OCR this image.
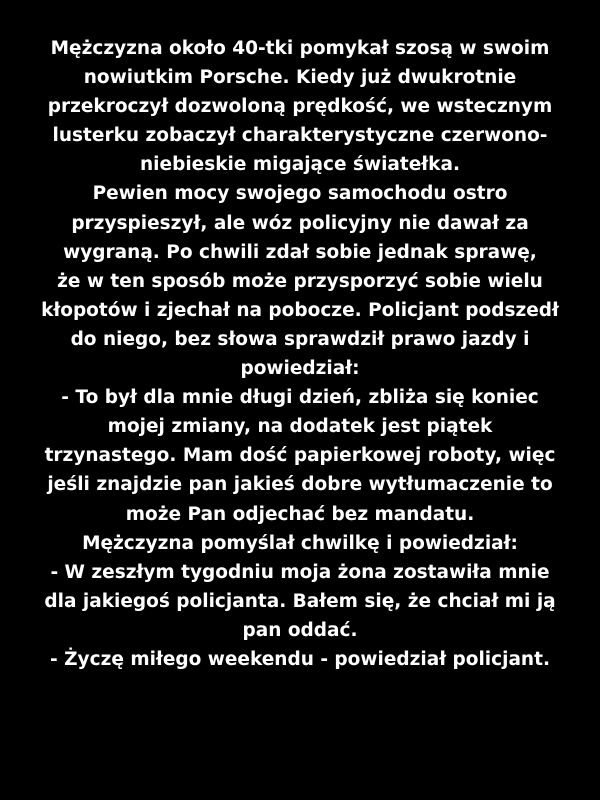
Mężczyzna około 40-tki pomykał szosą w swoim
nowiutkim Porsche. Kiedy już dwukrotnie
przekroczył dozwoloną prędkość, we wstecznym
lusterku zobaczył charakterystyczne czerwono-
niebieskie migające światełka.
Pewien mocy swojego samochodu ostro
przyspieszył, ale wóz policyjny nie dawał za
wygraną. Po chwili zdał sobie jednak sprawę,
że w ten sposób może przysporzyć sobie wielu
kłopotów i zjechał na pobocze. Policjant podszedł
do niego, bez słowa sprawdził prawo jazdy i
powiedział:
- To był dla mnie długi dzień, zbliża się koniec
mojej zmiany, na dodatek jest piątek
trzynastego. Mam dość papierkowej roboty, więc
jeśli znajdzie pan jakieś dobre wytłumaczenie to
może Pan odjechać bez mandatu.
Mężczyzna pomyślał chwilkę i powiedział:
- W zeszłym tygodniu moja żona zostawiła mnie
dla jakiegoś policjanta. Bałem się, że chciał mi ją
pan oddać.
- Życzę miłego weekendu - powiedział policjant.
